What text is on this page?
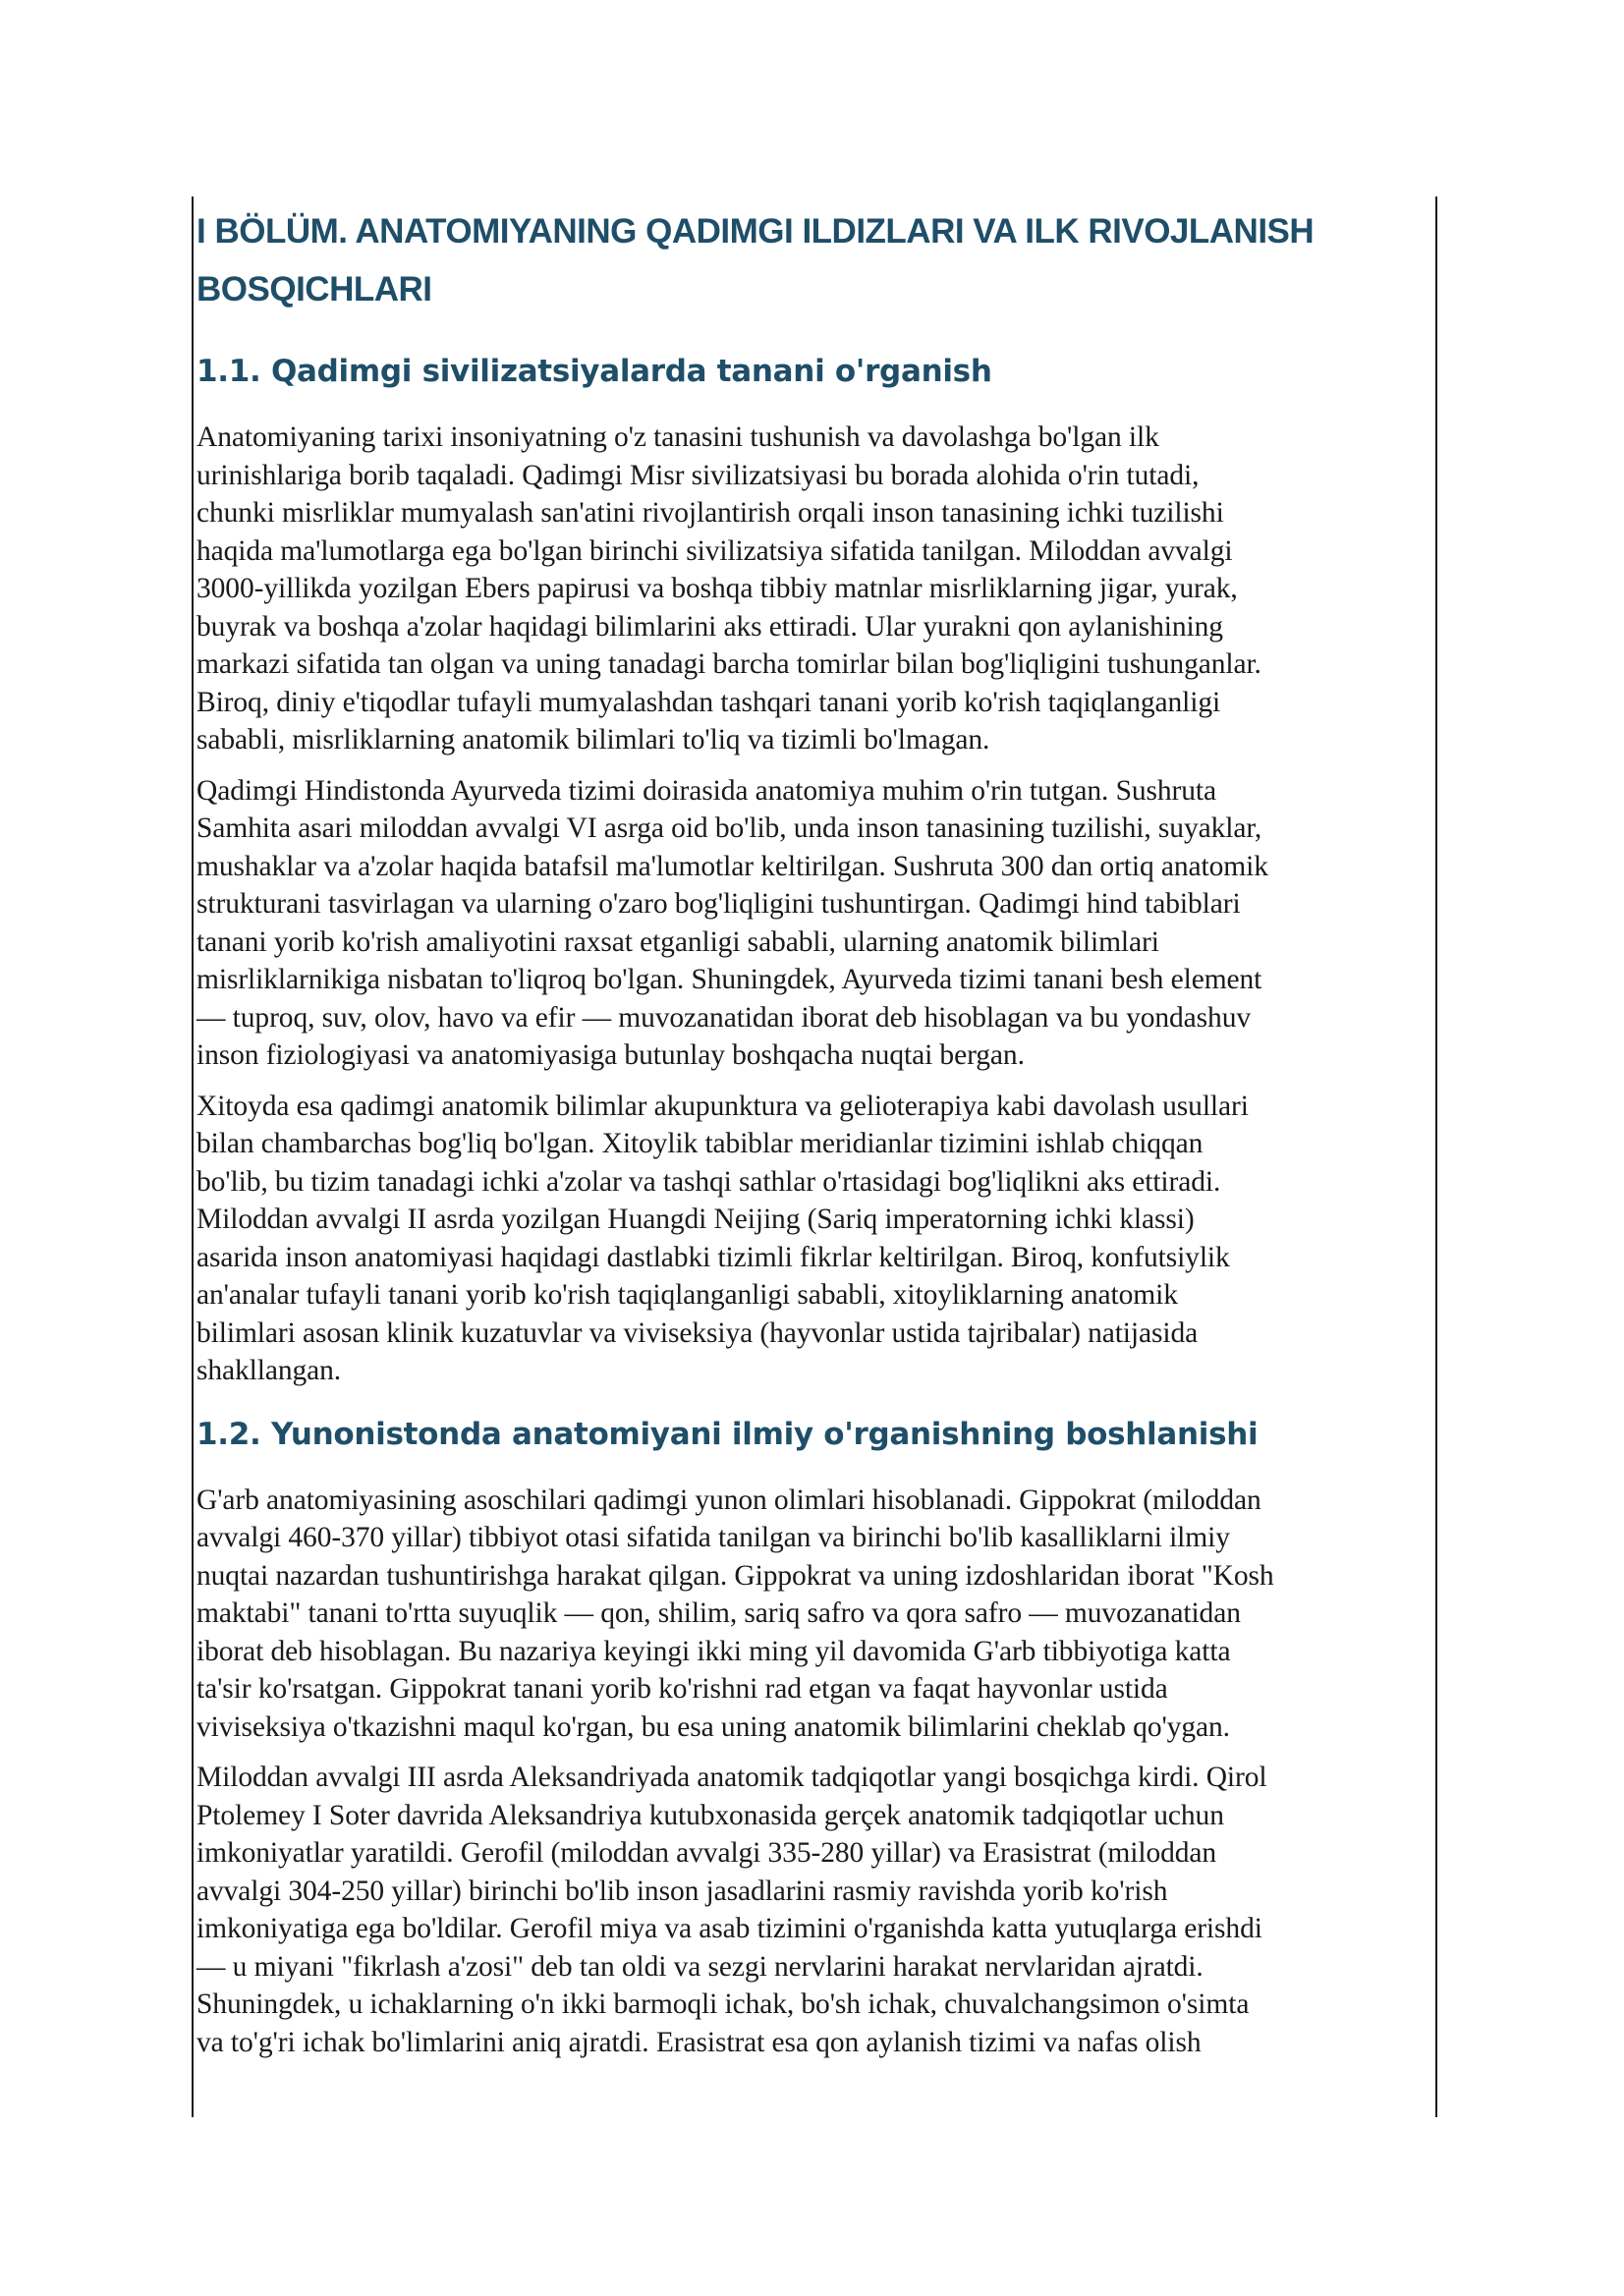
I BÖLÜM. ANATOMIYANING QADIMGI ILDIZLARI VA ILK RIVOJLANISH
BOSQICHLARI
1.1. Qadimgi sivilizatsiyalarda tanani o'rganish

Anatomiyaning tarixi insoniyatning o'z tanasini tushunish va davolashga bo'lgan ilk
urinishlariga borib taqaladi. Qadimgi Misr sivilizatsiyasi bu borada alohida o'rin tutadi,
chunki misrliklar mumyalash san'atini rivojlantirish orqali inson tanasining ichki tuzilishi
haqida ma'lumotlarga ega bo'lgan birinchi sivilizatsiya sifatida tanilgan. Miloddan avvalgi
3000-yillikda yozilgan Ebers papirusi va boshqa tibbiy matnlar misrliklarning jigar, yurak,
buyrak va boshqa a'zolar haqidagi bilimlarini aks ettiradi. Ular yurakni qon aylanishining
markazi sifatida tan olgan va uning tanadagi barcha tomirlar bilan bog'liqligini tushunganlar.
Biroq, diniy e'tiqodlar tufayli mumyalashdan tashqari tanani yorib ko'rish taqiqlanganligi
sababli, misrliklarning anatomik bilimlari to'liq va tizimli bo'lmagan.

Qadimgi Hindistonda Ayurveda tizimi doirasida anatomiya muhim o'rin tutgan. Sushruta
Samhita asari miloddan avvalgi VI asrga oid bo'lib, unda inson tanasining tuzilishi, suyaklar,
mushaklar va a'zolar haqida batafsil ma'lumotlar keltirilgan. Sushruta 300 dan ortiq anatomik
strukturani tasvirlagan va ularning o'zaro bog'liqligini tushuntirgan. Qadimgi hind tabiblari
tanani yorib ko'rish amaliyotini raxsat etganligi sababli, ularning anatomik bilimlari
misrliklarnikiga nisbatan to'liqroq bo'lgan. Shuningdek, Ayurveda tizimi tanani besh element
— tuproq, suv, olov, havo va efir — muvozanatidan iborat deb hisoblagan va bu yondashuv
inson fiziologiyasi va anatomiyasiga butunlay boshqacha nuqtai bergan.

Xitoyda esa qadimgi anatomik bilimlar akupunktura va gelioterapiya kabi davolash usullari
bilan chambarchas bog'liq bo'lgan. Xitoylik tabiblar meridianlar tizimini ishlab chiqqan
bo'lib, bu tizim tanadagi ichki a'zolar va tashqi sathlar o'rtasidagi bog'liqlikni aks ettiradi.
Miloddan avvalgi II asrda yozilgan Huangdi Neijing (Sariq imperatorning ichki klassi)
asarida inson anatomiyasi haqidagi dastlabki tizimli fikrlar keltirilgan. Biroq, konfutsiylik
an'analar tufayli tanani yorib ko'rish taqiqlanganligi sababli, xitoyliklarning anatomik
bilimlari asosan klinik kuzatuvlar va viviseksiya (hayvonlar ustida tajribalar) natijasida
shakllangan.

1.2. Yunonistonda anatomiyani ilmiy o'rganishning boshlanishi

G'arb anatomiyasining asoschilari qadimgi yunon olimlari hisoblanadi. Gippokrat (miloddan
avvalgi 460-370 yillar) tibbiyot otasi sifatida tanilgan va birinchi bo'lib kasalliklarni ilmiy
nuqtai nazardan tushuntirishga harakat qilgan. Gippokrat va uning izdoshlaridan iborat "Kosh
maktabi" tanani to'rtta suyuqlik — qon, shilim, sariq safro va qora safro — muvozanatidan
iborat deb hisoblagan. Bu nazariya keyingi ikki ming yil davomida G'arb tibbiyotiga katta
ta'sir ko'rsatgan. Gippokrat tanani yorib ko'rishni rad etgan va faqat hayvonlar ustida
viviseksiya o'tkazishni maqul ko'rgan, bu esa uning anatomik bilimlarini cheklab qo'ygan.

Miloddan avvalgi III asrda Aleksandriyada anatomik tadqiqotlar yangi bosqichga kirdi. Qirol
Ptolemey I Soter davrida Aleksandriya kutubxonasida gerçek anatomik tadqiqotlar uchun
imkoniyatlar yaratildi. Gerofil (miloddan avvalgi 335-280 yillar) va Erasistrat (miloddan
avvalgi 304-250 yillar) birinchi bo'lib inson jasadlarini rasmiy ravishda yorib ko'rish
imkoniyatiga ega bo'ldilar. Gerofil miya va asab tizimini o'rganishda katta yutuqlarga erishdi
— u miyani "fikrlash a'zosi" deb tan oldi va sezgi nervlarini harakat nervlaridan ajratdi.
Shuningdek, u ichaklarning o'n ikki barmoqli ichak, bo'sh ichak, chuvalchangsimon o'simta
va to'g'ri ichak bo'limlarini aniq ajratdi. Erasistrat esa qon aylanish tizimi va nafas olish
